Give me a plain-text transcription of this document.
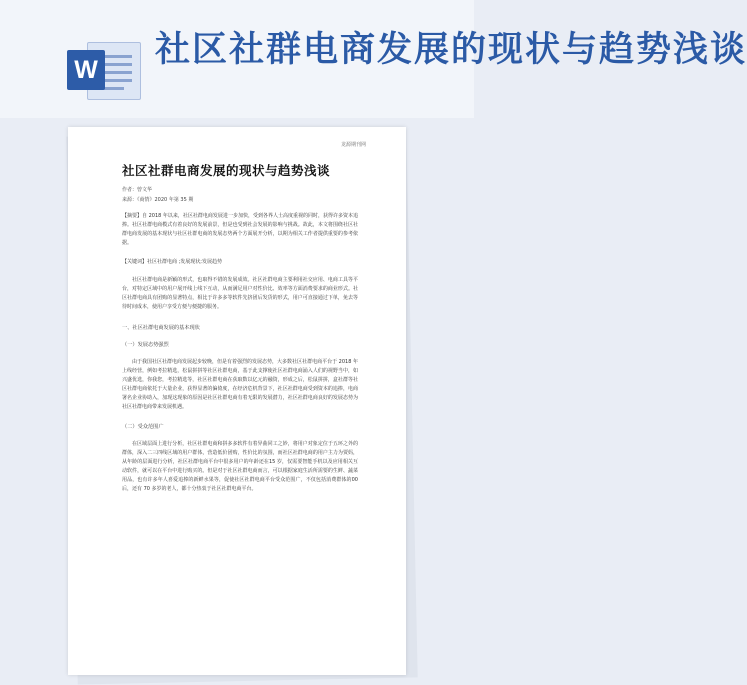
W 社区社群电商发展的现状与趋势浅谈
龙源期刊网
社区社群电商发展的现状与趋势浅谈
作者：曾文华
来源：《商情》2020 年第 35 期

【摘要】自 2018 年以来，社区社群电商发展进一步加快，受到各界人士高度重视的同时，获得许多资本追捧。社区社群电商模式有着良好的发展前景，但是也受到社会发展的影响与挑战。故此，本文将围绕社区社群电商发展的基本现状与社区社群电商的发展态势两个方面展开分析，以期为相关工作者提供重要的参考依据。

【关键词】社区社群电商 ;发展现状;发展趋势

社区社群电商是新颖的形式，也取得不错的发展成效。社区社群电商主要利用社交应用、电商工具等平台，对特定区域中的用户展开线上线下互动，从而满足用户对性价比、效率等方面消费要求的商业形式。社区社群电商具有团购的显著特点，相比于许多多等软件先挤团后发货的形式，用户可直接通过下单，免去等待时间成本，使用户享受方便与便捷的服务。

一、社区社群电商发展的基本现状
（一）发展态势强烈

由于我国社区社群电商发展起步较晚，但是有着强烈的发展态势，大多数社区社群电商平台于 2018 年上线经营，例如考拉精选，松鼠拼拼等社区社群电商，基于此支撑使社区社群电商涌入人们的视野当中，如兴盛优选，你我您，考拉精选等，社区社群电商在获取数以亿元的融资，形成之后，松鼠拼拼，盒社群等社区社群电商依托于大量企业，获得显著的偏倚度，在经济危机背景下，社区社群电商受到资本的追捧，电商署名企业协助入，加现这现象的原因是社区社群电商有着无限的发展潜力，社区社群电商良好的发展态势为社区社群电商带来发展机遇。

（二）受众范围广

在区域层面上进行分析，社区社群电商和拼多多软件有着异曲同工之妙，将用户对象定位于五环之外的群体，深入二三四线区域的用户群体，营造低价团购，性价比的氛围，而社区社群电商的用户主力为贾妈，从年龄的层面进行分析，社区社群电商平台中很多用户的年龄还在15 岁，仅需要智能手机以及应用相关互动软件，就可以在平台中进行购买的。但是对于社区社群电商而言，可以根据家庭生活所需要的生鲜、蔬菜用品，也有许多年人喜爱追捧的新鲜水果等，促使社区社群电商平台受众范围广，不仅包括消费群体的00后，还有 70 多岁的老人，都十分热衷于社区社群电商平台。
